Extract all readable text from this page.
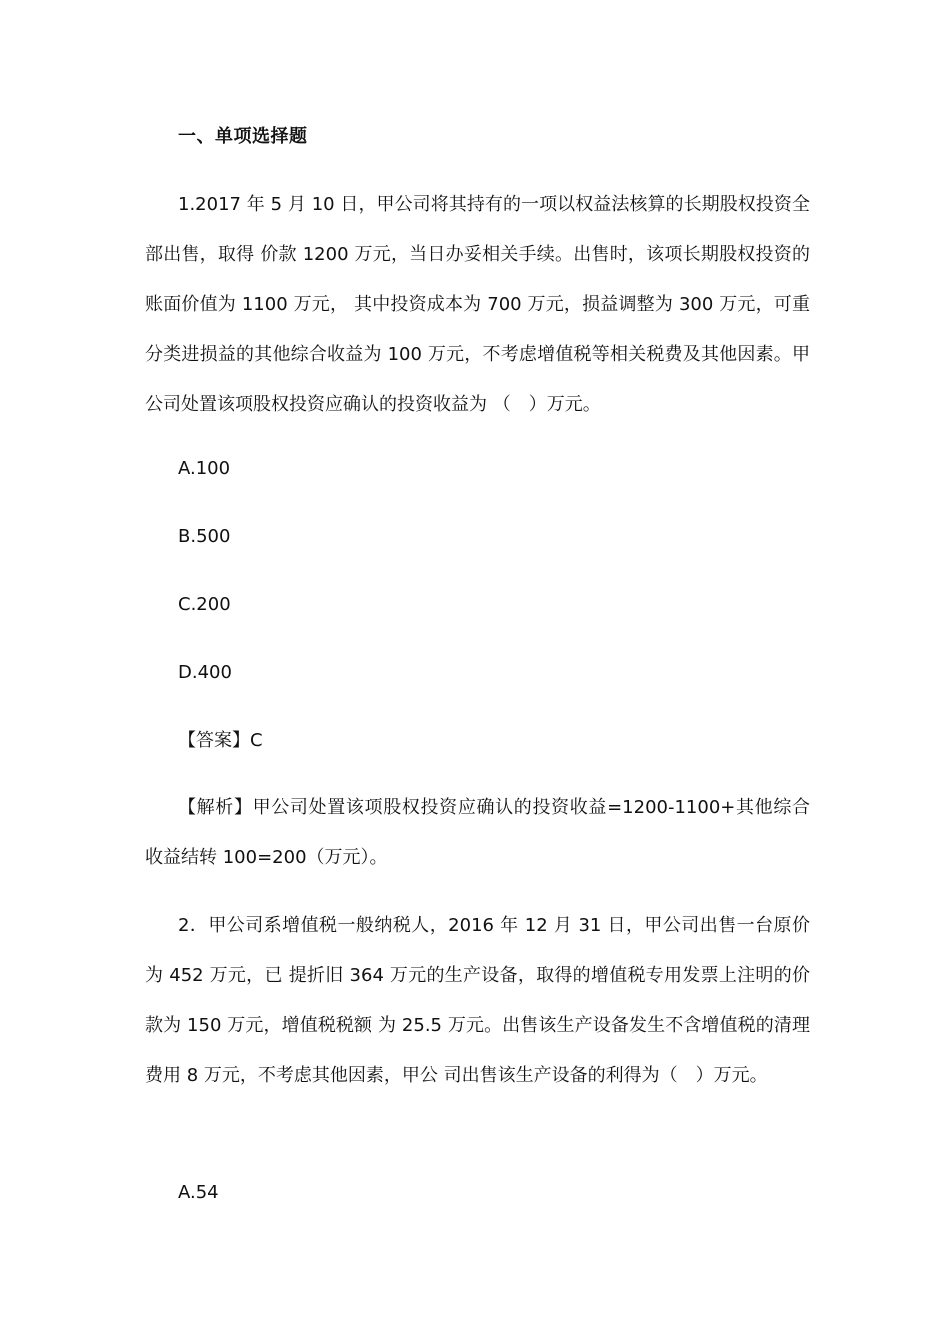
一、单项选择题

1.2017 年 5 月 10 日，甲公司将其持有的一项以权益法核算的长期股权投资全部出售，取得 价款 1200 万元，当日办妥相关手续。出售时，该项长期股权投资的账面价值为 1100 万元， 其中投资成本为 700 万元，损益调整为 300 万元，可重分类进损益的其他综合收益为 100 万元，不考虑增值税等相关税费及其他因素。甲公司处置该项股权投资应确认的投资收益为 （　）万元。

A.100
B.500
C.200
D.400
【答案】C

【解析】甲公司处置该项股权投资应确认的投资收益=1200-1100+其他综合收益结转 100=200（万元）。

2．甲公司系增值税一般纳税人，2016 年 12 月 31 日，甲公司出售一台原价为 452 万元，已 提折旧 364 万元的生产设备，取得的增值税专用发票上注明的价款为 150 万元，增值税税额 为 25.5 万元。出售该生产设备发生不含增值税的清理费用 8 万元，不考虑其他因素，甲公 司出售该生产设备的利得为（　）万元。

A.54
